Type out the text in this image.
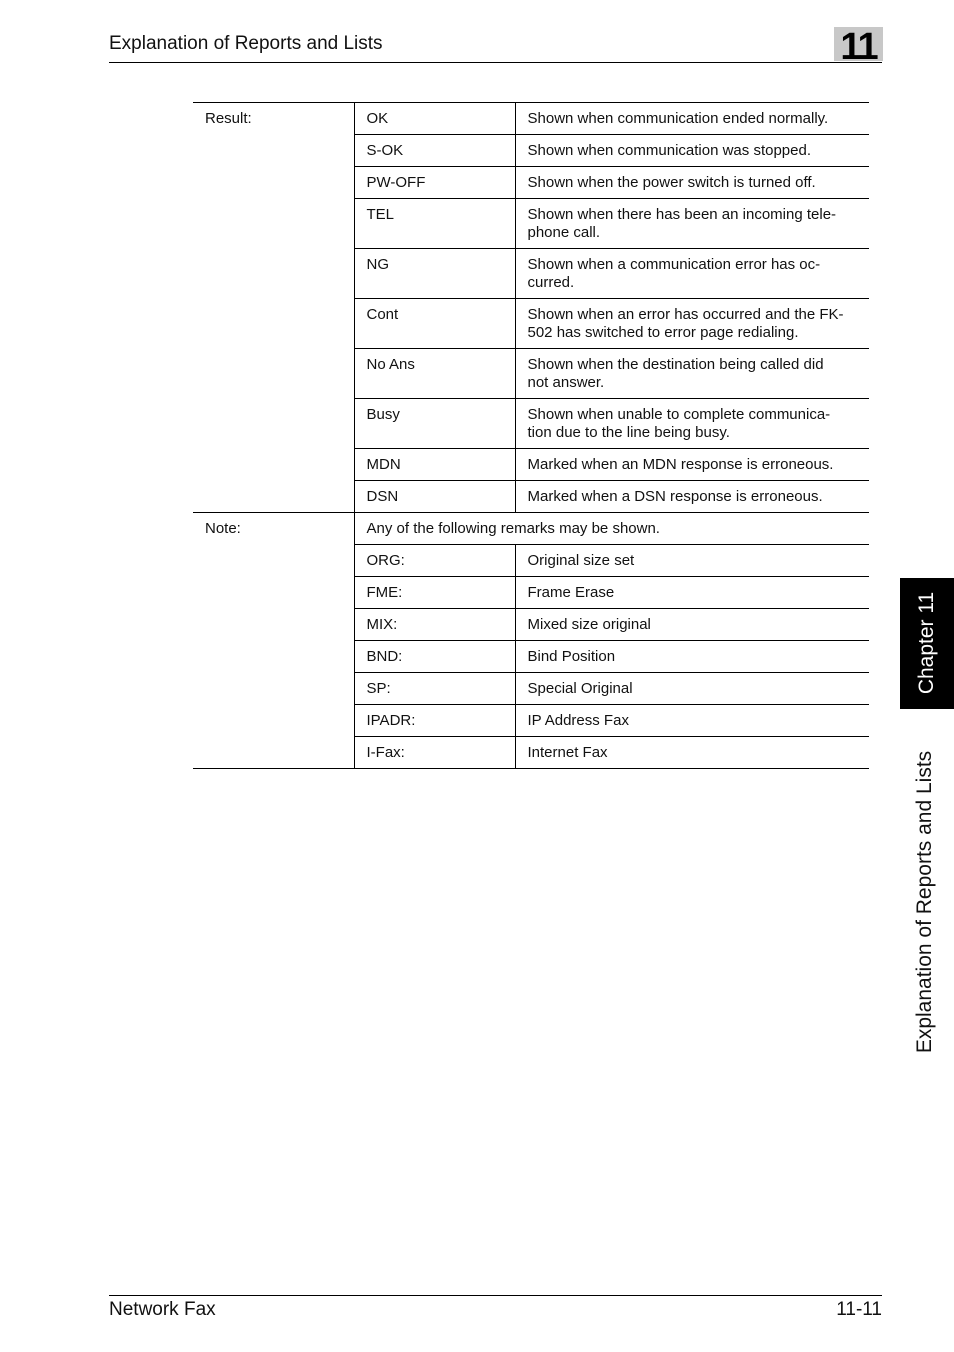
Explanation of Reports and Lists	11
Chapter 11
Explanation of Reports and Lists
Result:	OK	Shown when communication ended normally.
	S-OK	Shown when communication was stopped.
	PW-OFF	Shown when the power switch is turned off.
	TEL	Shown when there has been an incoming tele-
phone call.
	NG	Shown when a communication error has oc-
curred.
	Cont	Shown when an error has occurred and the FK-
502 has switched to error page redialing.
	No Ans	Shown when the destination being called did
not answer.
	Busy	Shown when unable to complete communica-
tion due to the line being busy.
	MDN	Marked when an MDN response is erroneous.
	DSN	Marked when a DSN response is erroneous.
Note:	Any of the following remarks may be shown.	
	ORG:	Original size set
	FME:	Frame Erase
	MIX:	Mixed size original
	BND:	Bind Position
	SP:	Special Original
	IPADR:	IP Address Fax
	I-Fax:	Internet Fax
Network Fax	11-11
